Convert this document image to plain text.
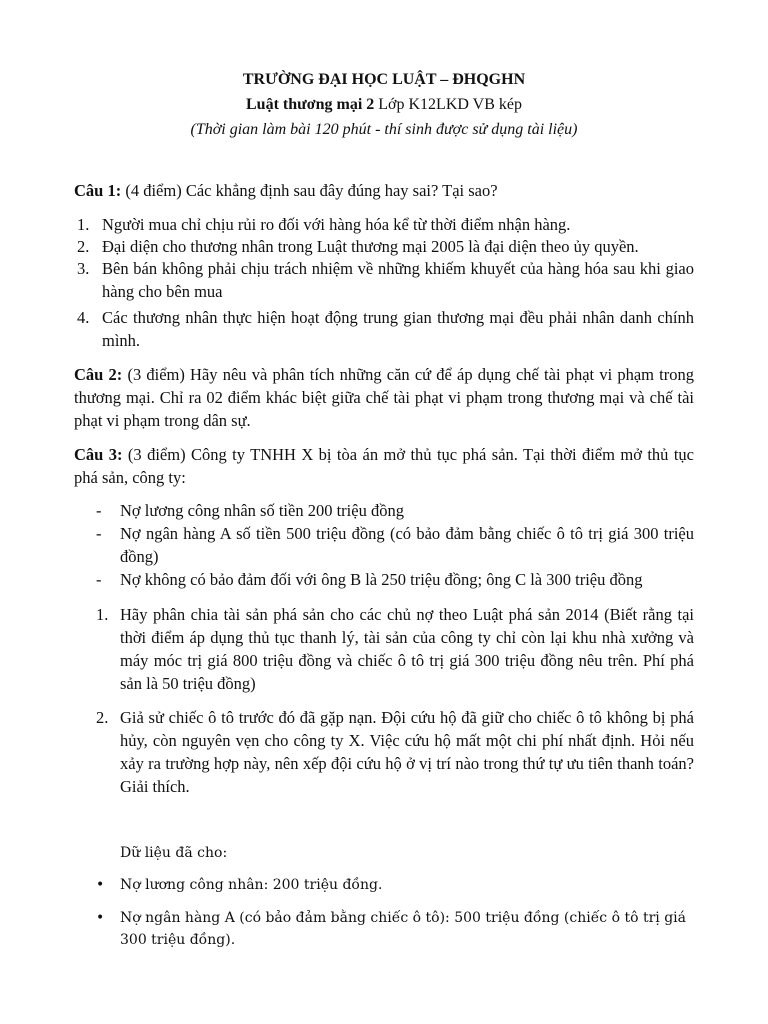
TRƯỜNG ĐẠI HỌC LUẬT – ĐHQGHN
Luật thương mại 2 Lớp K12LKD VB kép
(Thời gian làm bài 120 phút - thí sinh được sử dụng tài liệu)
Câu 1: (4 điểm) Các khẳng định sau đây đúng hay sai? Tại sao?
1. Người mua chỉ chịu rủi ro đối với hàng hóa kể từ thời điểm nhận hàng.
2. Đại diện cho thương nhân trong Luật thương mại 2005 là đại diện theo ủy quyền.
3. Bên bán không phải chịu trách nhiệm về những khiếm khuyết của hàng hóa sau khi giao hàng cho bên mua
4. Các thương nhân thực hiện hoạt động trung gian thương mại đều phải nhân danh chính mình.
Câu 2: (3 điểm) Hãy nêu và phân tích những căn cứ để áp dụng chế tài phạt vi phạm trong thương mại. Chỉ ra 02 điểm khác biệt giữa chế tài phạt vi phạm trong thương mại và chế tài phạt vi phạm trong dân sự.
Câu 3: (3 điểm) Công ty TNHH X bị tòa án mở thủ tục phá sản. Tại thời điểm mở thủ tục phá sản, công ty:
- Nợ lương công nhân số tiền 200 triệu đồng
- Nợ ngân hàng A số tiền 500 triệu đồng (có bảo đảm bằng chiếc ô tô trị giá 300 triệu đồng)
- Nợ không có bảo đảm đối với ông B là 250 triệu đồng; ông C là 300 triệu đồng
1. Hãy phân chia tài sản phá sản cho các chủ nợ theo Luật phá sản 2014 (Biết rằng tại thời điểm áp dụng thủ tục thanh lý, tài sản của công ty chỉ còn lại khu nhà xưởng và máy móc trị giá 800 triệu đồng và chiếc ô tô trị giá 300 triệu đồng nêu trên. Phí phá sản là 50 triệu đồng)
2. Giả sử chiếc ô tô trước đó đã gặp nạn. Đội cứu hộ đã giữ cho chiếc ô tô không bị phá hủy, còn nguyên vẹn cho công ty X. Việc cứu hộ mất một chi phí nhất định. Hỏi nếu xảy ra trường hợp này, nên xếp đội cứu hộ ở vị trí nào trong thứ tự ưu tiên thanh toán? Giải thích.
Dữ liệu đã cho:
• Nợ lương công nhân: 200 triệu đồng.
• Nợ ngân hàng A (có bảo đảm bằng chiếc ô tô): 500 triệu đồng (chiếc ô tô trị giá 300 triệu đồng).
